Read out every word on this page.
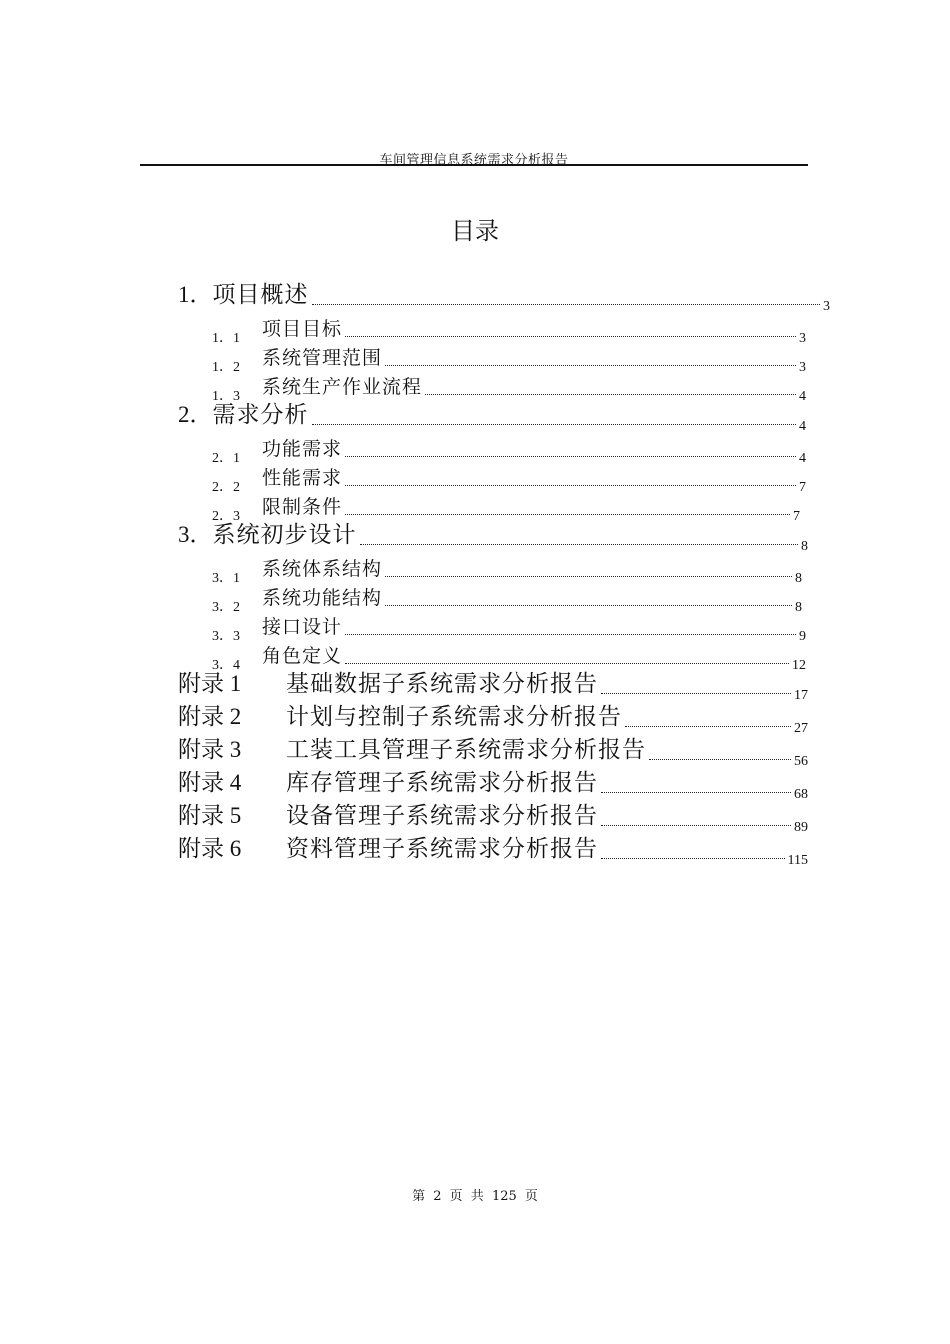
车间管理信息系统需求分析报告
目录
1． 项目概述	3
1．1	项目目标	3
1．2	系统管理范围	3
1．3	系统生产作业流程	4
2． 需求分析	4
2．1	功能需求	4
2．2	性能需求	7
2．3	限制条件	7
3． 系统初步设计	8
3．1	系统体系结构	8
3．2	系统功能结构	8
3．3	接口设计	9
3．4	角色定义	12
附录 1	基础数据子系统需求分析报告	17
附录 2	计划与控制子系统需求分析报告	27
附录 3	工装工具管理子系统需求分析报告	56
附录 4	库存管理子系统需求分析报告	68
附录 5	设备管理子系统需求分析报告	89
附录 6	资料管理子系统需求分析报告	115
第 2 页 共 125 页
